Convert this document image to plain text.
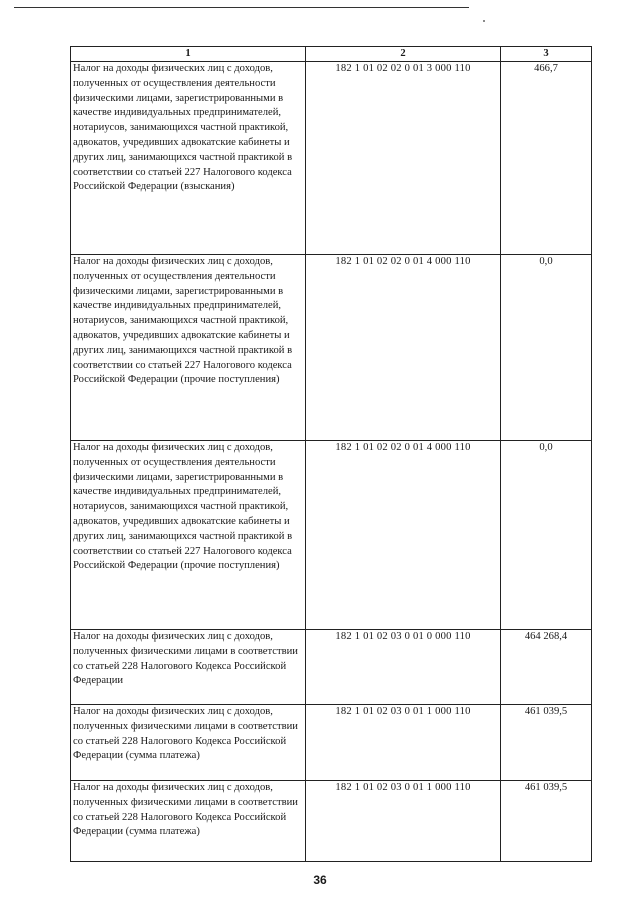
1	2	3
Налог на доходы физических лиц с доходов, полученных от осуществления деятельности физическими лицами, зарегистрированными в качестве индивидуальных предпринимателей, нотариусов, занимающихся частной практикой, адвокатов, учредивших адвокатские кабинеты и других лиц, занимающихся частной практикой в соответствии со статьей 227 Налогового кодекса Российской Федерации (взыскания)	182 1 01 02 02 0 01 3 000 110	466,7
Налог на доходы физических лиц с доходов, полученных от осуществления деятельности физическими лицами, зарегистрированными в качестве индивидуальных предпринимателей, нотариусов, занимающихся частной практикой, адвокатов, учредивших адвокатские кабинеты и других лиц, занимающихся частной практикой в соответствии со статьей 227 Налогового кодекса Российской Федерации (прочие поступления)	182 1 01 02 02 0 01 4 000 110	0,0
Налог на доходы физических лиц с доходов, полученных от осуществления деятельности физическими лицами, зарегистрированными в качестве индивидуальных предпринимателей, нотариусов, занимающихся частной практикой, адвокатов, учредивших адвокатские кабинеты и других лиц, занимающихся частной практикой в соответствии со статьей 227 Налогового кодекса Российской Федерации (прочие поступления)	182 1 01 02 02 0 01 4 000 110	0,0
Налог на доходы физических лиц с доходов, полученных физическими лицами в соответствии со статьей 228 Налогового Кодекса Российской Федерации	182 1 01 02 03 0 01 0 000 110	464 268,4
Налог на доходы физических лиц с доходов, полученных физическими лицами в соответствии со статьей 228 Налогового Кодекса Российской Федерации (сумма платежа)	182 1 01 02 03 0 01 1 000 110	461 039,5
Налог на доходы физических лиц с доходов, полученных физическими лицами в соответствии со статьей 228 Налогового Кодекса Российской Федерации (сумма платежа)	182 1 01 02 03 0 01 1 000 110	461 039,5
36
